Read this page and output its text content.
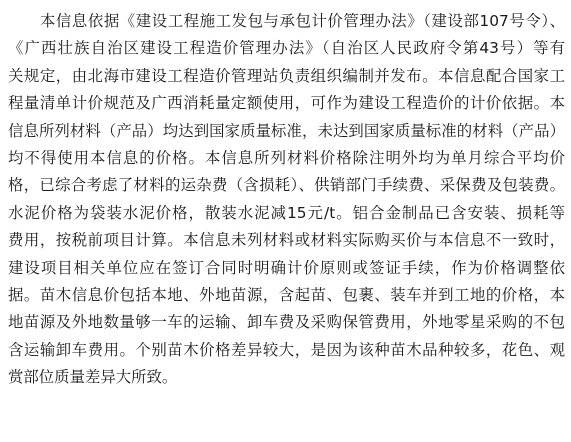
　　本信息依据《建设工程施工发包与承包计价管理办法》（建设部107号令）、
《广西壮族自治区建设工程造价管理办法》（自治区人民政府令第43号）等有
关规定，由北海市建设工程造价管理站负责组织编制并发布。本信息配合国家工
程量清单计价规范及广西消耗量定额使用，可作为建设工程造价的计价依据。本
信息所列材料（产品）均达到国家质量标准，未达到国家质量标准的材料（产品）
均不得使用本信息的价格。本信息所列材料价格除注明外均为单月综合平均价
格，已综合考虑了材料的运杂费（含损耗）、供销部门手续费、采保费及包装费。
水泥价格为袋装水泥价格，散装水泥减15元/t。铝合金制品已含安装、损耗等
费用，按税前项目计算。本信息未列材料或材料实际购买价与本信息不一致时，
建设项目相关单位应在签订合同时明确计价原则或签证手续，作为价格调整依
据。苗木信息价包括本地、外地苗源，含起苗、包裹、装车并到工地的价格，本
地苗源及外地数量够一车的运输、卸车费及采购保管费用，外地零星采购的不包
含运输卸车费用。个别苗木价格差异较大，是因为该种苗木品种较多，花色、观
赏部位质量差异大所致。
